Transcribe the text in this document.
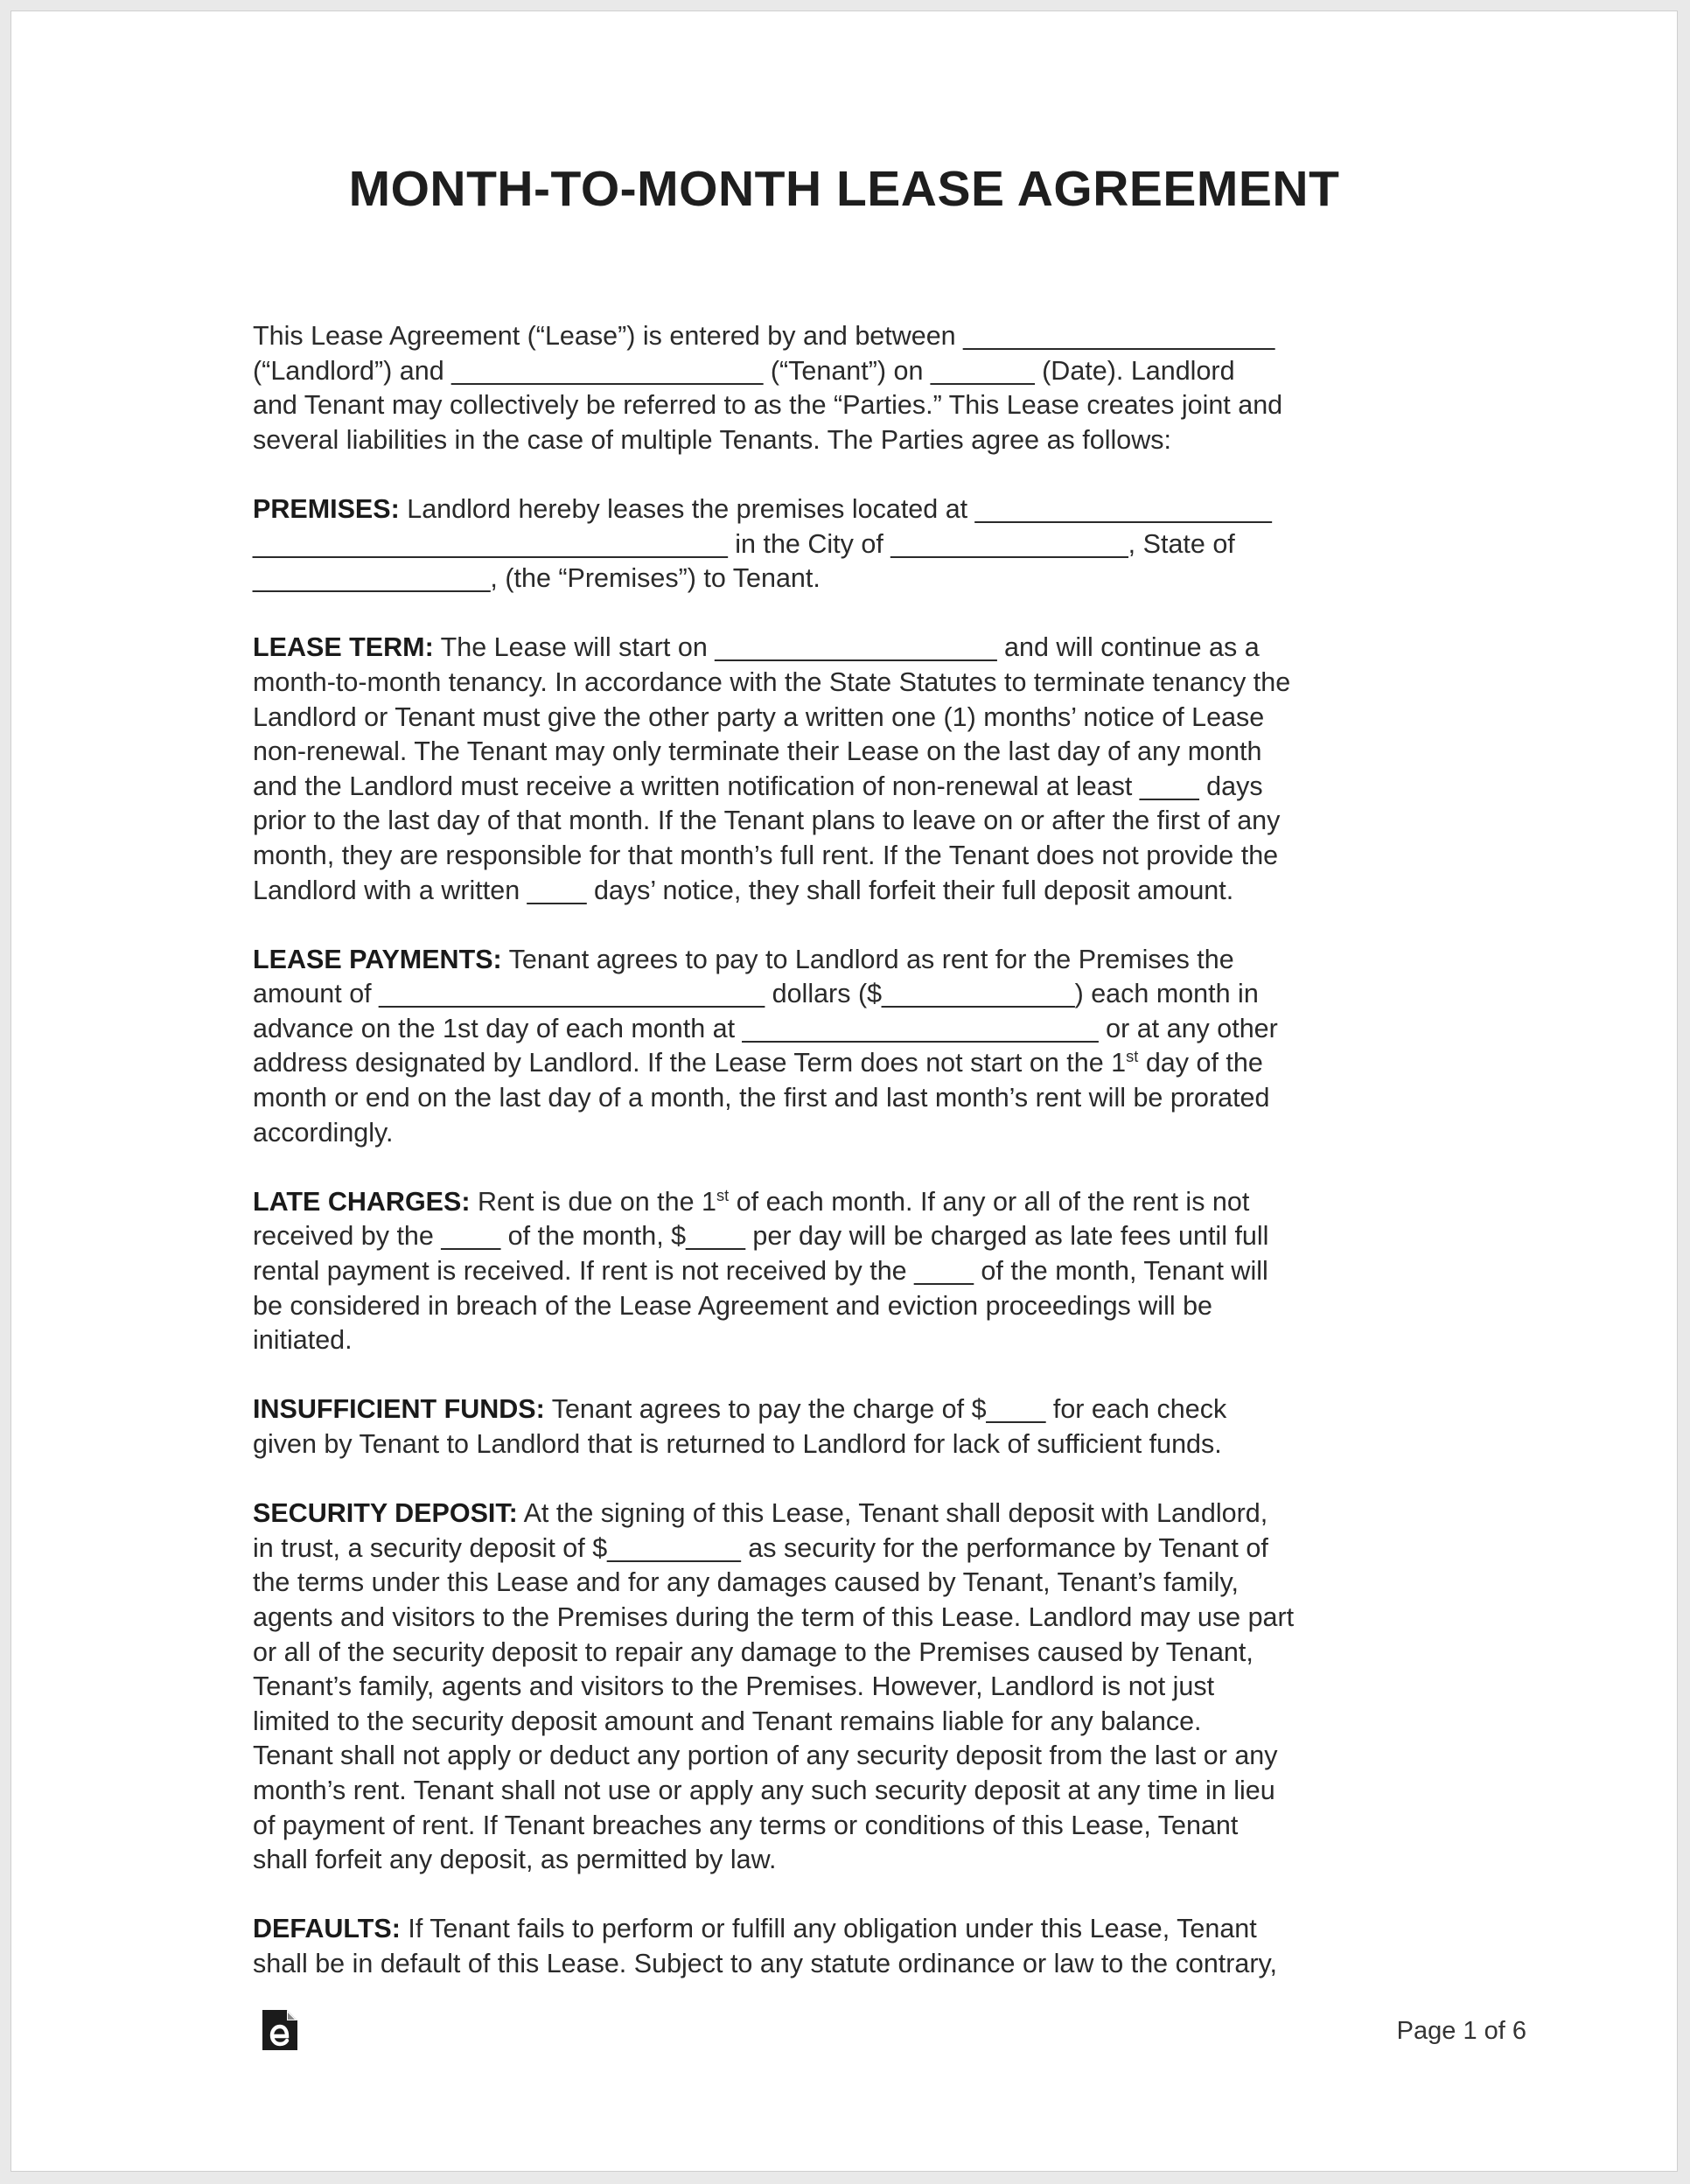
MONTH-TO-MONTH LEASE AGREEMENT

This Lease Agreement (“Lease”) is entered by and between _____________________
(“Landlord”) and _____________________ (“Tenant”) on _______ (Date). Landlord
and Tenant may collectively be referred to as the “Parties.” This Lease creates joint and
several liabilities in the case of multiple Tenants. The Parties agree as follows:

PREMISES: Landlord hereby leases the premises located at ____________________
________________________________ in the City of ________________, State of
________________, (the “Premises”) to Tenant.

LEASE TERM: The Lease will start on ___________________ and will continue as a
month-to-month tenancy. In accordance with the State Statutes to terminate tenancy the
Landlord or Tenant must give the other party a written one (1) months’ notice of Lease
non-renewal. The Tenant may only terminate their Lease on the last day of any month
and the Landlord must receive a written notification of non-renewal at least ____ days
prior to the last day of that month. If the Tenant plans to leave on or after the first of any
month, they are responsible for that month’s full rent. If the Tenant does not provide the
Landlord with a written ____ days’ notice, they shall forfeit their full deposit amount.

LEASE PAYMENTS: Tenant agrees to pay to Landlord as rent for the Premises the
amount of __________________________ dollars ($_____________) each month in
advance on the 1st day of each month at ________________________ or at any other
address designated by Landlord. If the Lease Term does not start on the 1st day of the
month or end on the last day of a month, the first and last month’s rent will be prorated
accordingly.

LATE CHARGES: Rent is due on the 1st of each month. If any or all of the rent is not
received by the ____ of the month, $____ per day will be charged as late fees until full
rental payment is received. If rent is not received by the ____ of the month, Tenant will
be considered in breach of the Lease Agreement and eviction proceedings will be
initiated.

INSUFFICIENT FUNDS: Tenant agrees to pay the charge of $____ for each check
given by Tenant to Landlord that is returned to Landlord for lack of sufficient funds.

SECURITY DEPOSIT: At the signing of this Lease, Tenant shall deposit with Landlord,
in trust, a security deposit of $_________ as security for the performance by Tenant of
the terms under this Lease and for any damages caused by Tenant, Tenant’s family,
agents and visitors to the Premises during the term of this Lease. Landlord may use part
or all of the security deposit to repair any damage to the Premises caused by Tenant,
Tenant’s family, agents and visitors to the Premises. However, Landlord is not just
limited to the security deposit amount and Tenant remains liable for any balance.
Tenant shall not apply or deduct any portion of any security deposit from the last or any
month’s rent. Tenant shall not use or apply any such security deposit at any time in lieu
of payment of rent. If Tenant breaches any terms or conditions of this Lease, Tenant
shall forfeit any deposit, as permitted by law.

DEFAULTS: If Tenant fails to perform or fulfill any obligation under this Lease, Tenant
shall be in default of this Lease. Subject to any statute ordinance or law to the contrary,

Page 1 of 6
